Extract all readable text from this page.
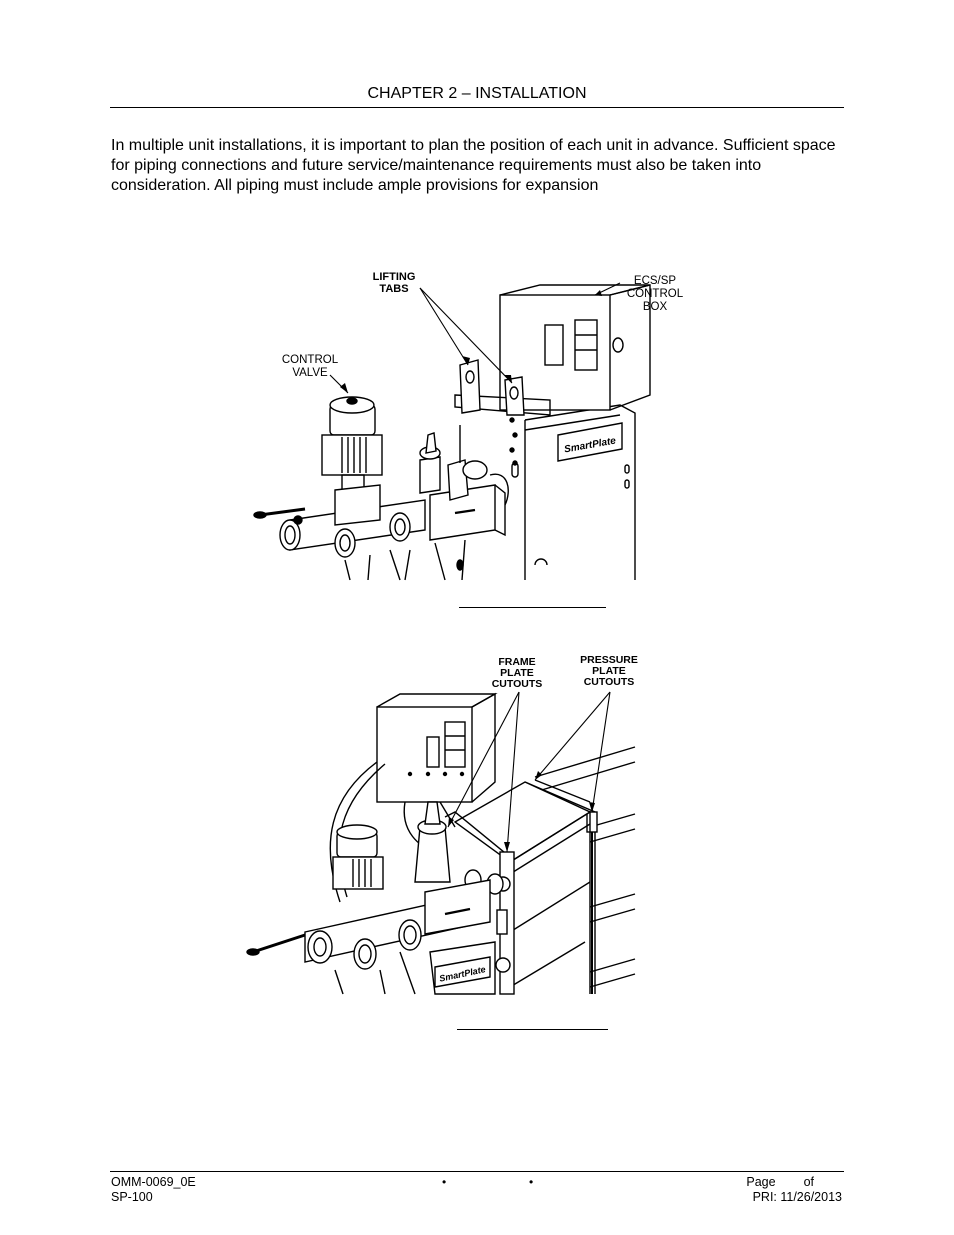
CHAPTER 2 – INSTALLATION

In multiple unit installations, it is important to plan the position of each unit in advance. Sufficient space for piping connections and future service/maintenance requirements must also be taken into consideration. All piping must include ample provisions for expansion

SmartPlate
LIFTING
TABS
ECS/SP
CONTROL
BOX
CONTROL
VALVE
SmartPlate
FRAME
PLATE
CUTOUTS
PRESSURE
PLATE
CUTOUTS
OMM-0069_0E
SP-100
•	•	Page of
PRI: 11/26/2013
